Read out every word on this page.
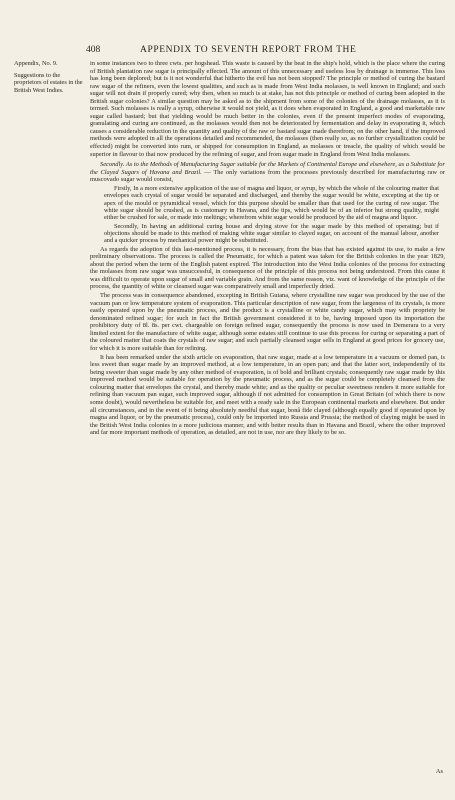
408	APPENDIX TO SEVENTH REPORT FROM THE
Appendix, No. 9.
Suggestions to the proprietors of estates in the British West Indies.

in some instances two to three cwts. per hogshead. This waste is caused by the beat in the ship's hold, which is the place where the curing of British plantation raw sugar is principally effected. The amount of this unnecessary and useless loss by drainage is immense. This loss has long been deplored; but is it not wonderful that hitherto the evil has not been stopped? The principle or method of curing the bastard raw sugar of the refiners, even the lowest qualities, and such as is made from West India molasses, is well known in England; and such sugar will not drain if properly cured; why then, when so much is at stake, has not this principle or method of curing been adopted in the British sugar colonies? A similar question may be asked as to the shipment from some of the colonies of the drainage molasses, as it is termed. Such molasses is really a syrup, otherwise it would not yield, as it does when evaporated in England, a good and marketable raw sugar called bastard; but that yielding would be much better in the colonies, even if the present imperfect modes of evaporating, granulating and curing are continued, as the molasses would then not be deteriorated by fermentation and delay in evaporating it, which causes a considerable reduction in the quantity and quality of the raw or bastard sugar made therefrom; on the other hand, if the improved methods were adopted in all the operations detailed and recommended, the molasses (then really so, as no further crystallization could be effected) might be converted into rum, or shipped for consumption in England, as molasses or treacle, the quality of which would be superior in flavour to that now produced by the refining of sugar, and from sugar made in England from West India molasses.

Secondly. As to the Methods of Manufacturing Sugar suitable for the Markets of Continental Europe and elsewhere, as a Substitute for the Clayed Sugars of Havana and Brazil. — The only variations from the processes previously described for manufacturing raw or muscovado sugar would consist,

Firstly, In a more extensive application of the use of magna and liquor, or syrup, by which the whole of the colouring matter that envelopes each crystal of sugar would be separated and discharged, and thereby the sugar would be white, excepting at the tip or apex of the mould or pyramidical vessel, which for this purpose should be smaller than that used for the curing of raw sugar. The white sugar should be crushed, as is customary in Havana, and the tips, which would be of an inferior but strong quality, might either be crushed for sale, or made into meltings; wherefrom white sugar would be produced by the aid of magna and liquor.

Secondly, In having an additional curing house and drying stove for the sugar made by this method of operating; but if objections should be made to this method of making white sugar similar to clayed sugar, on account of the manual labour, another and a quicker process by mechanical power might be substituted.

As regards the adoption of this last-mentioned process, it is necessary, from the bias that has existed against its use, to make a few preliminary observations. The process is called the Pneumatic, for which a patent was taken for the British colonies in the year 1829, about the period when the term of the English patent expired. The introduction into the West India colonies of the process for extracting the molasses from raw sugar was unsuccessful, in consequence of the principle of this process not being understood. From this cause it was difficult to operate upon sugar of small and variable grain. And from the same reason, viz. want of knowledge of the principle of the process, the quantity of white or cleansed sugar was comparatively small and imperfectly dried.

The process was in consequence abandoned, excepting in British Guiana, where crystalline raw sugar was produced by the use of the vacuum pan or low temperature system of evaporation. This particular description of raw sugar, from the largeness of its crystals, is more easily operated upon by the pneumatic process, and the product is a crystalline or white candy sugar, which may with propriety be denominated refined sugar; for such in fact the British government considered it to be, having imposed upon its importation the prohibitory duty of 8l. 8s. per cwt. chargeable on foreign refined sugar, consequently the process is now used in Demerara to a very limited extent for the manufacture of white sugar, although some estates still continue to use this process for curing or separating a part of the coloured matter that coats the crystals of raw sugar; and such partially cleansed sugar sells in England at good prices for grocery use, for which it is more suitable than for refining.

It has been remarked under the sixth article on evaporation, that raw sugar, made at a low temperature in a vacuum or domed pan, is less sweet than sugar made by an improved method, at a low temperature, in an open pan; and that the latter sort, independently of its being sweeter than sugar made by any other method of evaporation, is of bold and brilliant crystals; consequently raw sugar made by this improved method would be suitable for operation by the pneumatic process, and as the sugar could be completely cleansed from the colouring matter that envelopes the crystal, and thereby made white; and as the quality or peculiar sweetness renders it more suitable for refining than vacuum pan sugar, such improved sugar, although if not admitted for consumption in Great Britain (of which there is now some doubt), would nevertheless be suitable for, and meet with a ready sale in the European continental markets and elsewhere. But under all circumstances, and in the event of it being absolutely needful that sugar, bonâ fide clayed (although equally good if operated upon by magna and liquor, or by the pneumatic process), could only be imported into Russia and Prussia; the method of claying might be used in the British West India colonies in a more judicious manner, and with better results than in Havana and Brazil, where the other improved and far more important methods of operation, as detailed, are not in use, nor are they likely to be so.

As
